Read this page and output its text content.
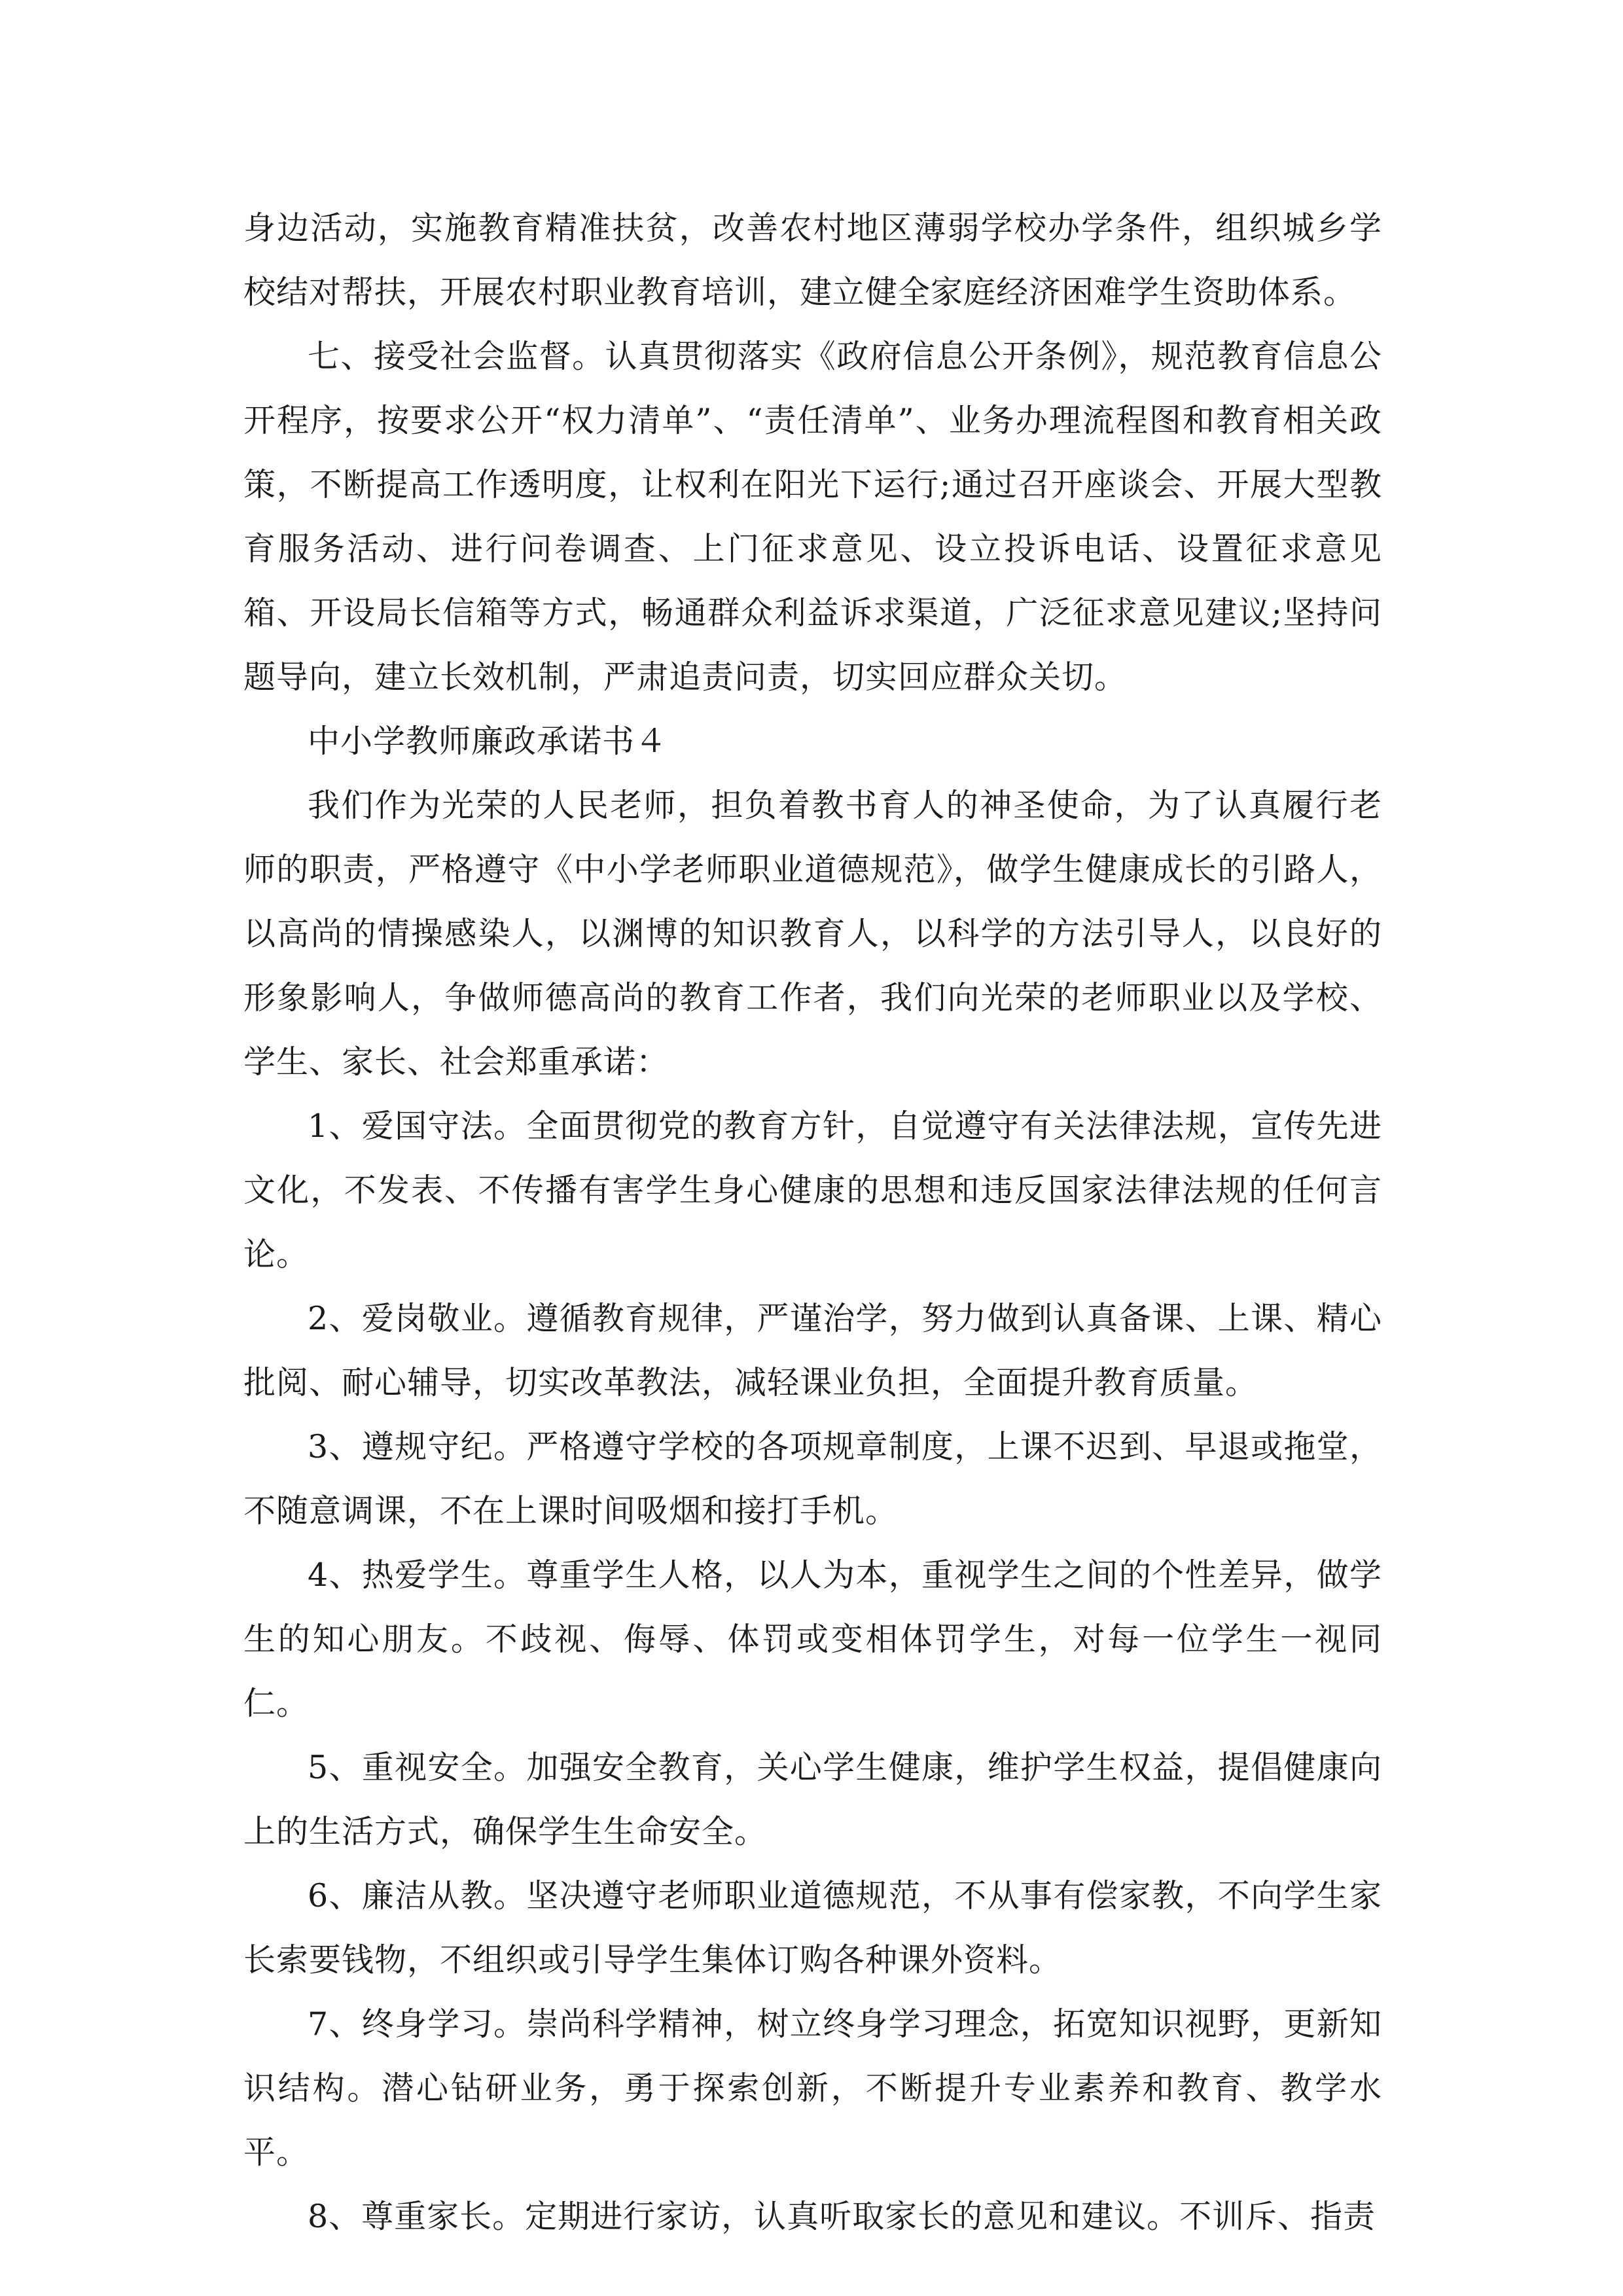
身边活动，实施教育精准扶贫，改善农村地区薄弱学校办学条件，组织城乡学校结对帮扶，开展农村职业教育培训，建立健全家庭经济困难学生资助体系。

七、接受社会监督。认真贯彻落实《政府信息公开条例》，规范教育信息公开程序，按要求公开“权力清单”、“责任清单”、业务办理流程图和教育相关政策，不断提高工作透明度，让权利在阳光下运行;通过召开座谈会、开展大型教育服务活动、进行问卷调查、上门征求意见、设立投诉电话、设置征求意见箱、开设局长信箱等方式，畅通群众利益诉求渠道，广泛征求意见建议;坚持问题导向，建立长效机制，严肃追责问责，切实回应群众关切。

中小学教师廉政承诺书４

我们作为光荣的人民老师，担负着教书育人的神圣使命，为了认真履行老师的职责，严格遵守《中小学老师职业道德规范》，做学生健康成长的引路人，以高尚的情操感染人，以渊博的知识教育人，以科学的方法引导人，以良好的形象影响人，争做师德高尚的教育工作者，我们向光荣的老师职业以及学校、学生、家长、社会郑重承诺：

1、爱国守法。全面贯彻党的教育方针，自觉遵守有关法律法规，宣传先进文化，不发表、不传播有害学生身心健康的思想和违反国家法律法规的任何言论。

2、爱岗敬业。遵循教育规律，严谨治学，努力做到认真备课、上课、精心批阅、耐心辅导，切实改革教法，减轻课业负担，全面提升教育质量。

3、遵规守纪。严格遵守学校的各项规章制度，上课不迟到、早退或拖堂，不随意调课，不在上课时间吸烟和接打手机。

4、热爱学生。尊重学生人格，以人为本，重视学生之间的个性差异，做学生的知心朋友。不歧视、侮辱、体罚或变相体罚学生，对每一位学生一视同仁。

5、重视安全。加强安全教育，关心学生健康，维护学生权益，提倡健康向上的生活方式，确保学生生命安全。

6、廉洁从教。坚决遵守老师职业道德规范，不从事有偿家教，不向学生家长索要钱物，不组织或引导学生集体订购各种课外资料。

7、终身学习。崇尚科学精神，树立终身学习理念，拓宽知识视野，更新知识结构。潜心钻研业务，勇于探索创新，不断提升专业素养和教育、教学水平。

8、尊重家长。定期进行家访，认真听取家长的意见和建议。不训斥、指责
